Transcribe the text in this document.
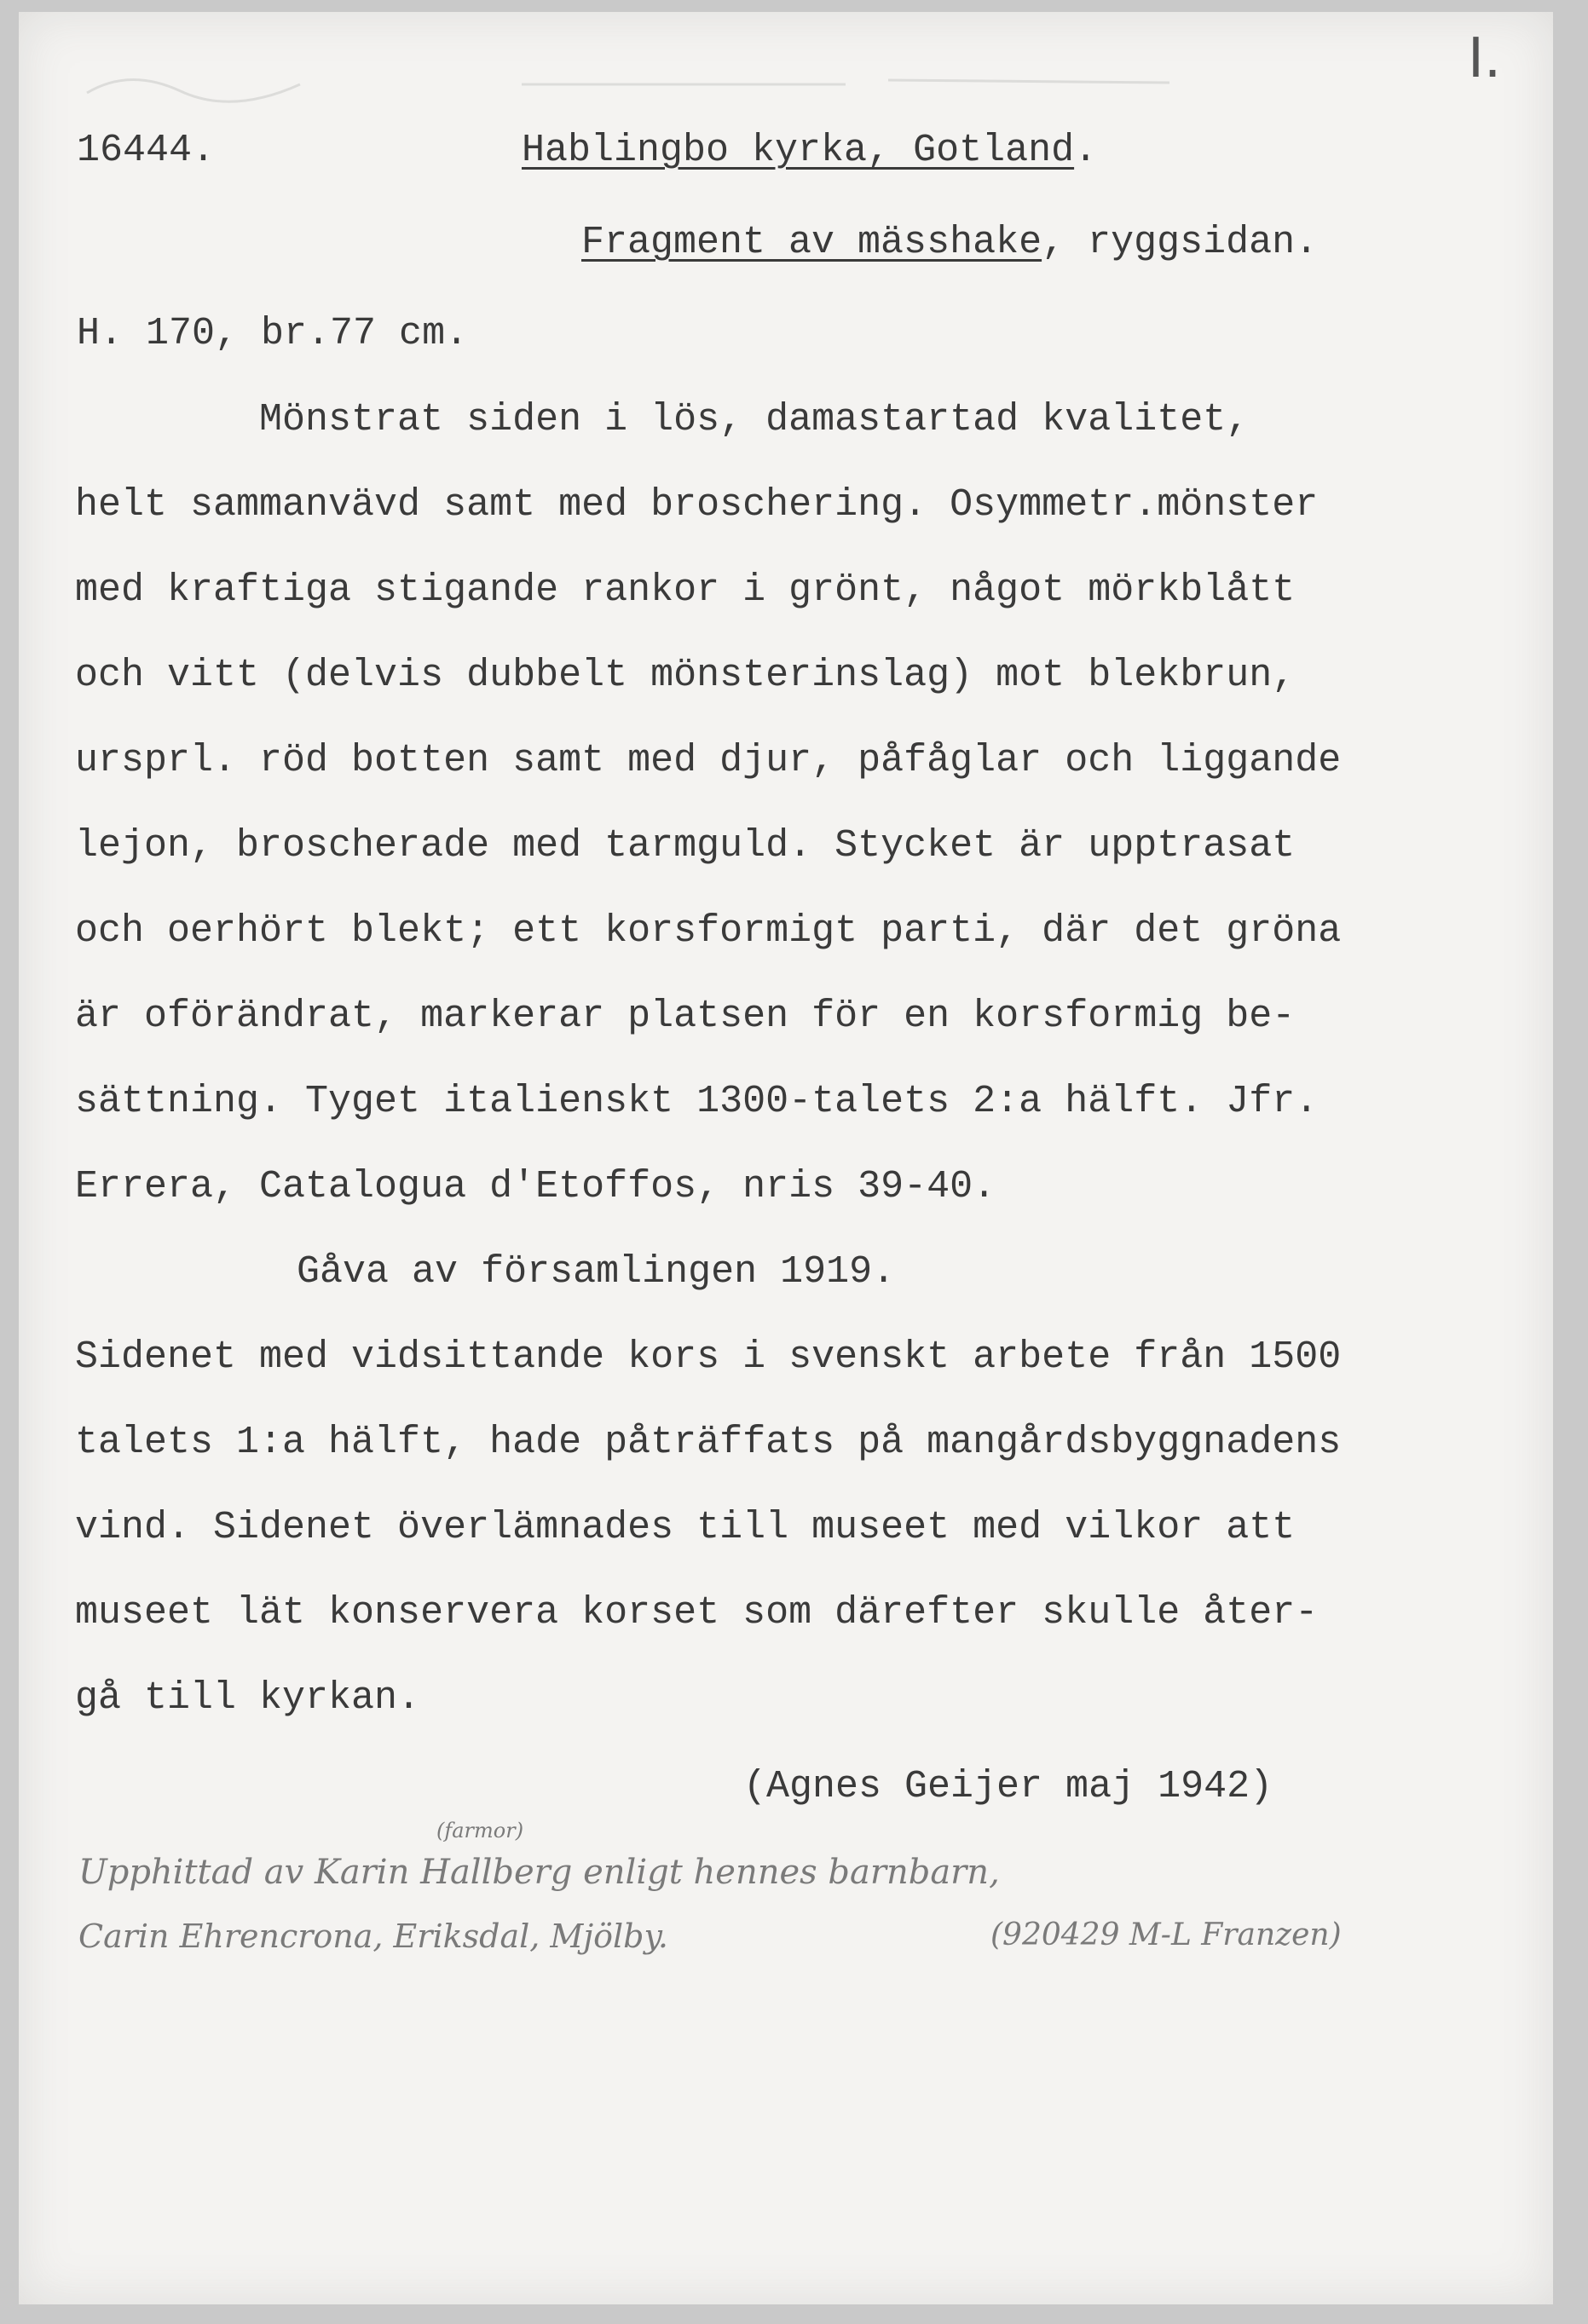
I.
16444.	Hablingbo kyrka, Gotland.
Fragment av mässhake, ryggsidan.
H. 170, br.77 cm.
Mönstrat siden i lös, damastartad kvalitet,
helt sammanvävd samt med broschering. Osymmetr.mönster
med kraftiga stigande rankor i grönt, något mörkblått
och vitt (delvis dubbelt mönsterinslag) mot blekbrun,
ursprl. röd botten samt med djur, påfåglar och liggande
lejon, broscherade med tarmguld. Stycket är upptrasat
och oerhört blekt; ett korsformigt parti, där det gröna
är oförändrat, markerar platsen för en korsformig be-
sättning. Tyget italienskt 1300-talets 2:a hälft. Jfr.
Errera, Catalogua d'Etoffos, nris 39-40.
Gåva av församlingen 1919.
Sidenet med vidsittande kors i svenskt arbete från 1500
talets 1:a hälft, hade påträffats på mangårdsbyggnadens
vind. Sidenet överlämnades till museet med vilkor att
museet lät konservera korset som därefter skulle åter-
gå till kyrkan.
(Agnes Geijer maj 1942)
(farmor)
Upphittad av Karin Hallberg enligt hennes barnbarn,
Carin Ehrencrona, Eriksdal, Mjölby.	(920429 M-L Franzen)
